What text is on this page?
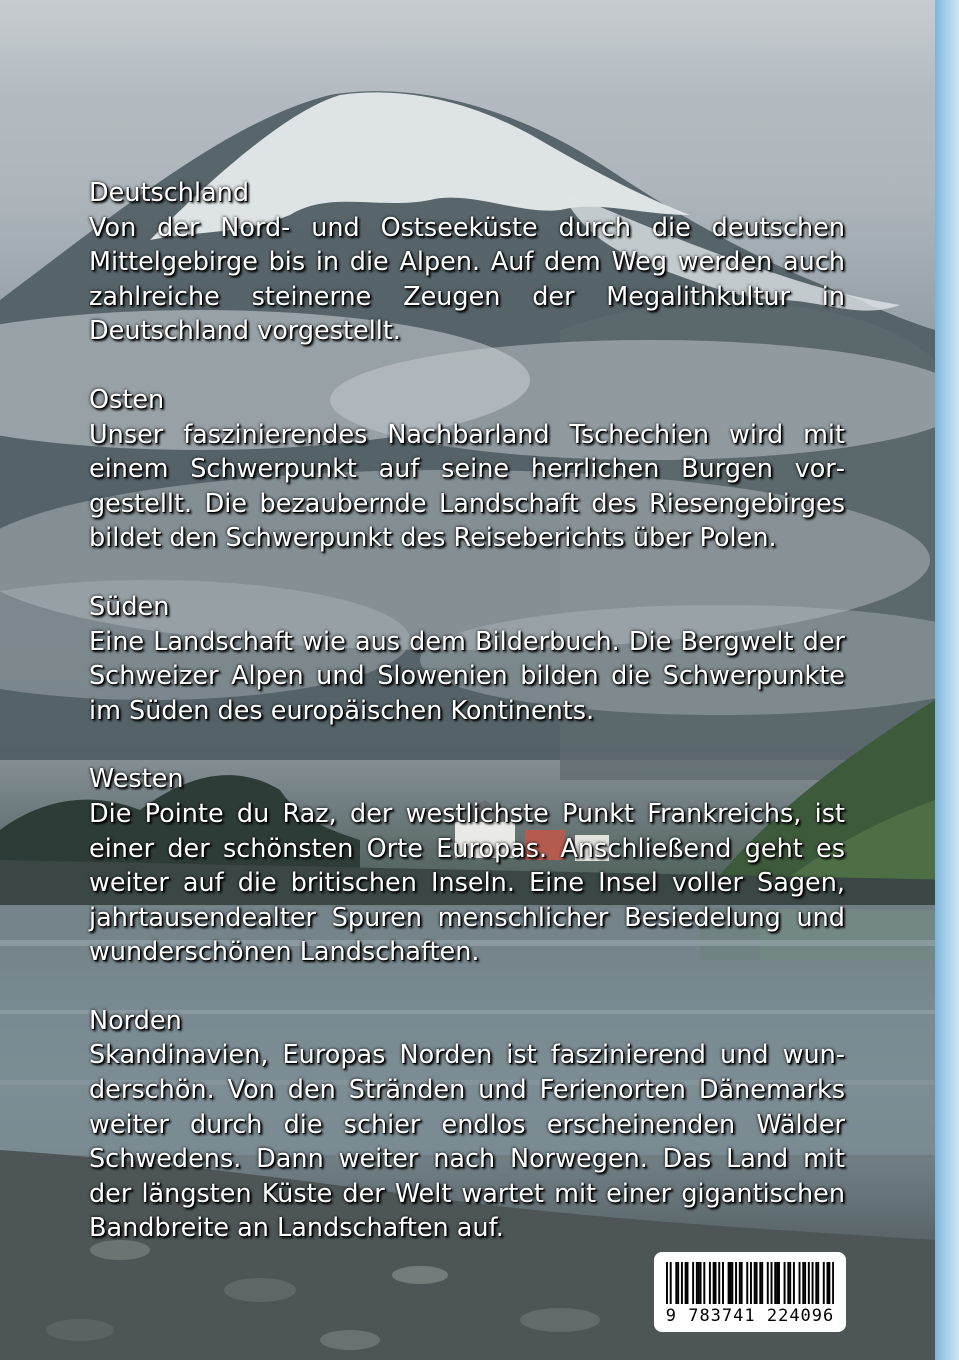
Deutschland

Von der Nord- und Ostseeküste durch die deutschen Mittelgebirge bis in die Alpen. Auf dem Weg werden auch zahlreiche steinerne Zeugen der Megalithkultur in Deutschland vorgestellt.

Osten

Unser faszinierendes Nachbarland Tschechien wird mit einem Schwerpunkt auf seine herrlichen Burgen vorgestellt. Die bezaubernde Landschaft des Riesengebirges bildet den Schwerpunkt des Reiseberichts über Polen.

Süden

Eine Landschaft wie aus dem Bilderbuch. Die Bergwelt der Schweizer Alpen und Slowenien bilden die Schwerpunkte im Süden des europäischen Kontinents.

Westen

Die Pointe du Raz, der westlichste Punkt Frankreichs, ist einer der schönsten Orte Europas. Anschließend geht es weiter auf die britischen Inseln. Eine Insel voller Sagen, jahrtausendealter Spuren menschlicher Besiedelung und wunderschönen Landschaften.

Norden

Skandinavien, Europas Norden ist faszinierend und wunderschön. Von den Stränden und Ferienorten Dänemarks weiter durch die schier endlos erscheinenden Wälder Schwedens. Dann weiter nach Norwegen. Das Land mit der längsten Küste der Welt wartet mit einer gigantischen Bandbreite an Landschaften auf.

9 783741 224096
